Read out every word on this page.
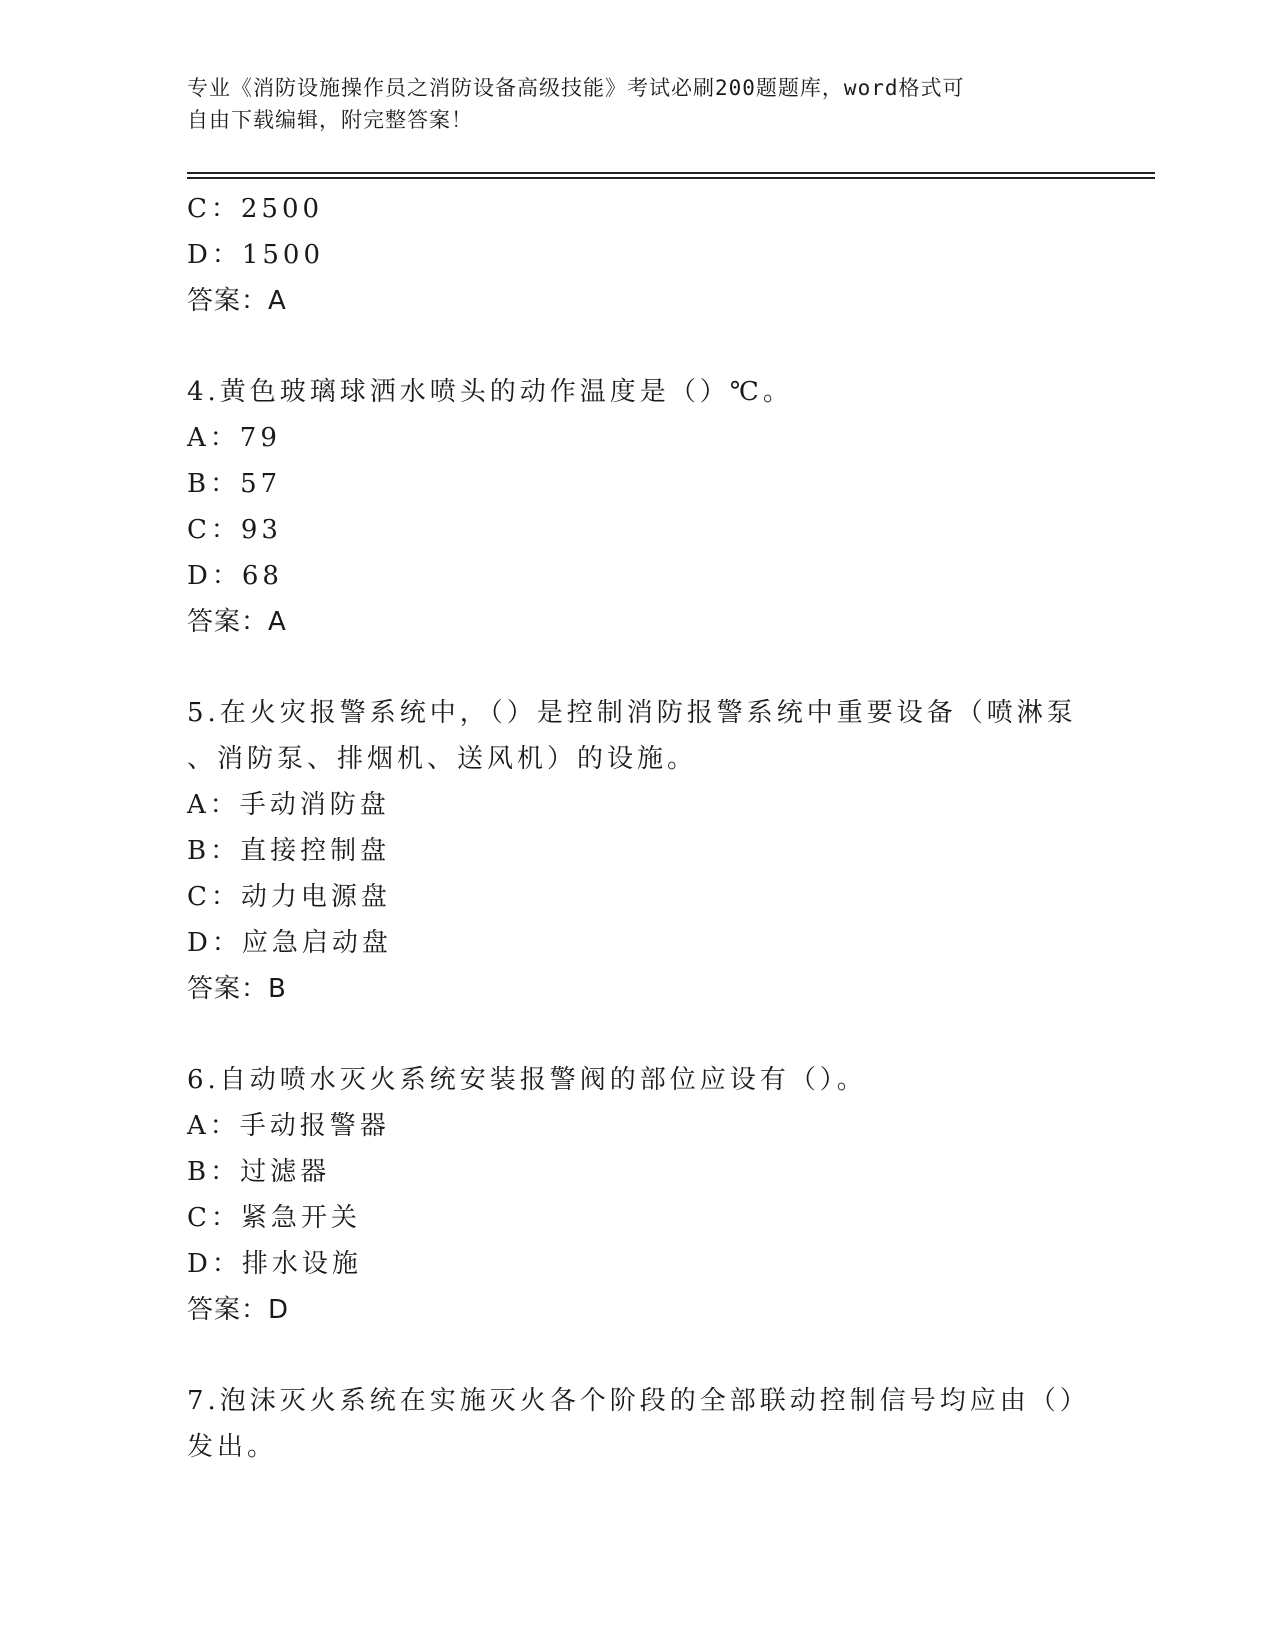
专业《消防设施操作员之消防设备高级技能》考试必刷200题题库，word格式可
自由下载编辑，附完整答案！
C：2500
D：1500
答案：A
4.黄色玻璃球洒水喷头的动作温度是（）℃。
A：79
B：57
C：93
D：68
答案：A
5.在火灾报警系统中，（）是控制消防报警系统中重要设备（喷淋泵
、消防泵、排烟机、送风机）的设施。
A：手动消防盘
B：直接控制盘
C：动力电源盘
D：应急启动盘
答案：B
6.自动喷水灭火系统安装报警阀的部位应设有（）。
A：手动报警器
B：过滤器
C：紧急开关
D：排水设施
答案：D
7.泡沫灭火系统在实施灭火各个阶段的全部联动控制信号均应由（）
发出。
